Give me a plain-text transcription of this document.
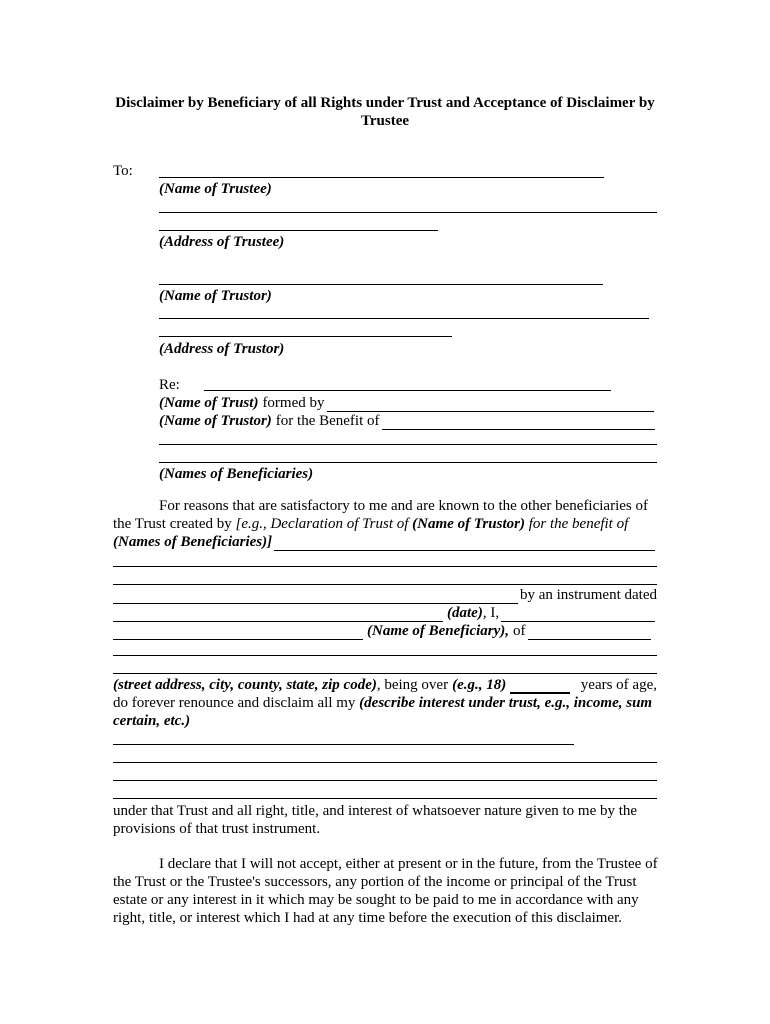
Disclaimer by Beneficiary of all Rights under Trust and Acceptance of Disclaimer by Trustee
To:
(Name of Trustee)
(Address of Trustee)
(Name of Trustor)
(Address of Trustor)
Re:
(Name of Trust) formed by
(Name of Trustor) for the Benefit of
(Names of Beneficiaries)
For reasons that are satisfactory to me and are known to the other beneficiaries of the Trust created by [e.g., Declaration of Trust of (Name of Trustor) for the benefit of
(Names of Beneficiaries)]
by an instrument dated
(date) , I,
(Name of Beneficiary), of
(street address, city, county, state, zip code) , being over (e.g., 18)	years of age,
do forever renounce and disclaim all my (describe interest under trust, e.g., income, sum certain, etc.)
under that Trust and all right, title, and interest of whatsoever nature given to me by the provisions of that trust instrument.
I declare that I will not accept, either at present or in the future, from the Trustee of the Trust or the Trustee's successors, any portion of the income or principal of the Trust estate or any interest in it which may be sought to be paid to me in accordance with any right, title, or interest which I had at any time before the execution of this disclaimer.
